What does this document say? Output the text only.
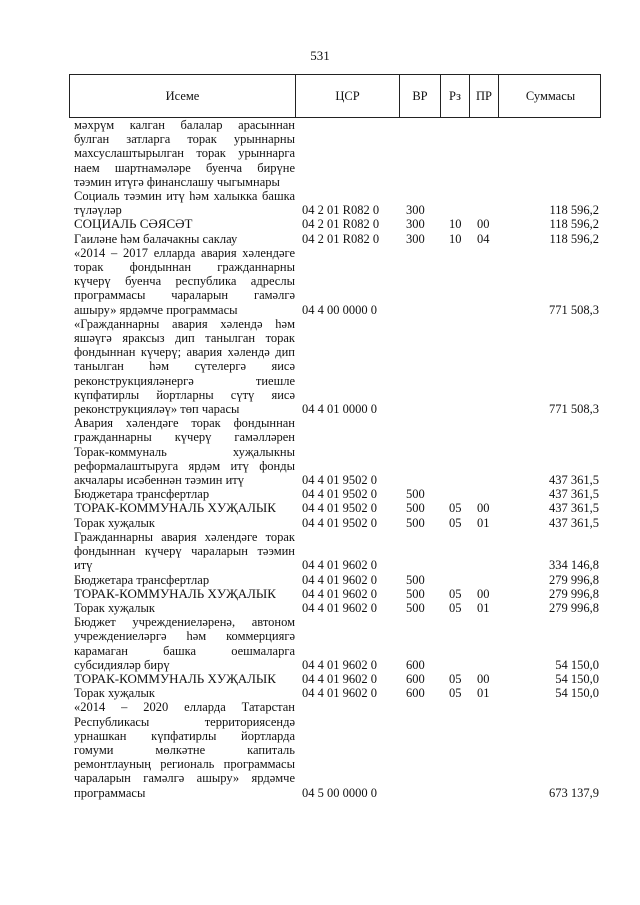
531
Исеме	ЦСР	ВР	Рз	ПР	Суммасы
мәхрүм калган балалар арасыннан
булган затларга торак урыннарны
махсуслаштырылган торак урыннарга
наем шартнамәләре буенча бирүне
тәэмин итүгә финанслашу чыгымнары
Социаль тәэмин итү һәм халыкка башка
түләүләр	04 2 01 R082 0	300	118 596,2
СОЦИАЛЬ СӘЯСӘТ	04 2 01 R082 0	300	10	00	118 596,2
Гаиләне һәм балачакны саклау	04 2 01 R082 0	300	10	04	118 596,2
«2014 – 2017 елларда авария хәлендәге
торак фондыннан гражданнарны
күчерү буенча республика адреслы
программасы чараларын гамәлгә
ашыру» ярдәмче программасы	04 4 00 0000 0	771 508,3
«Гражданнарны авария хәлендә һәм
яшәүгә яраксыз дип танылган торак
фондыннан күчерү; авария хәлендә дип
танылган һәм сүтелергә яисә
реконструкцияләнергә тиешле
күпфатирлы йортларны сүтү яисә
реконструкцияләү» төп чарасы	04 4 01 0000 0	771 508,3
Авария хәлендәге торак фондыннан
гражданнарны күчерү гамәлләрен
Торак-коммуналь хуҗалыкны
реформалаштыруга ярдәм итү фонды
акчалары исәбеннән тәэмин итү	04 4 01 9502 0	437 361,5
Бюджетара трансфертлар	04 4 01 9502 0	500	437 361,5
ТОРАК-КОММУНАЛЬ ХУҖАЛЫК	04 4 01 9502 0	500	05	00	437 361,5
Торак хуҗалык	04 4 01 9502 0	500	05	01	437 361,5
Гражданнарны авария хәлендәге торак
фондыннан күчерү чараларын тәэмин
итү	04 4 01 9602 0	334 146,8
Бюджетара трансфертлар	04 4 01 9602 0	500	279 996,8
ТОРАК-КОММУНАЛЬ ХУҖАЛЫК	04 4 01 9602 0	500	05	00	279 996,8
Торак хуҗалык	04 4 01 9602 0	500	05	01	279 996,8
Бюджет учреждениеләренә, автоном
учреждениеләргә һәм коммерциягә
карамаган башка оешмаларга
субсидияләр бирү	04 4 01 9602 0	600	54 150,0
ТОРАК-КОММУНАЛЬ ХУҖАЛЫК	04 4 01 9602 0	600	05	00	54 150,0
Торак хуҗалык	04 4 01 9602 0	600	05	01	54 150,0
«2014 – 2020 елларда Татарстан
Республикасы территориясендә
урнашкан күпфатирлы йортларда
гомуми мөлкәтне капиталь
ремонтлауның региональ программасы
чараларын гамәлгә ашыру» ярдәмче
программасы	04 5 00 0000 0	673 137,9
